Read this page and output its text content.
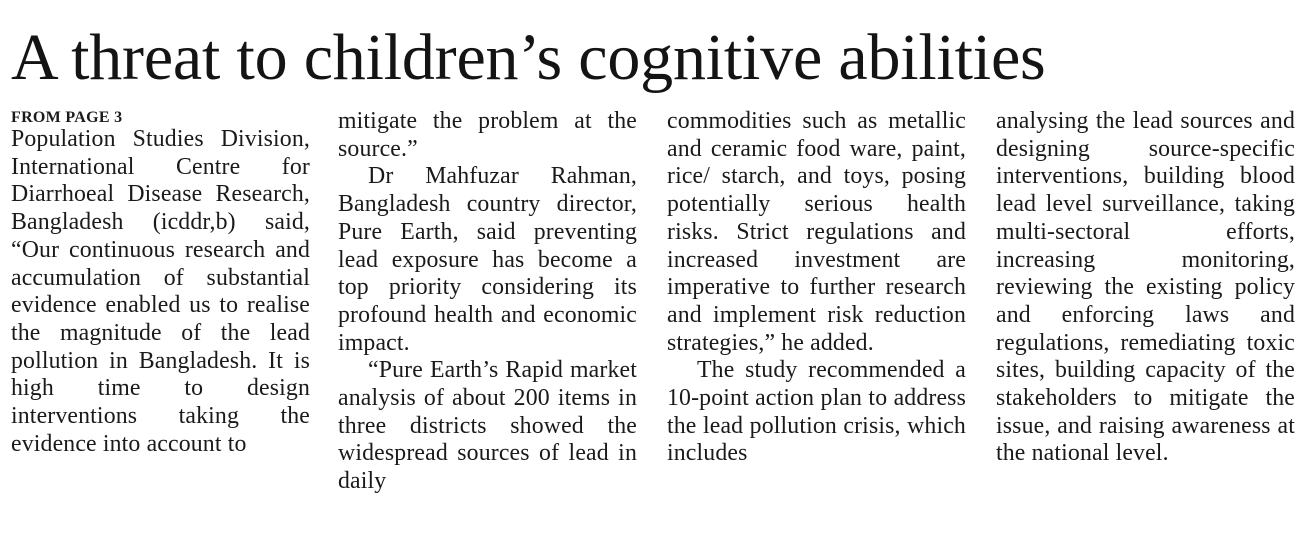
A threat to children’s cognitive abilities
FROM PAGE 3

Population Studies Division, International Centre for Diarrhoeal Disease Research, Bangladesh (icddr,b) said, “Our continuous research and accumulation of substantial evidence enabled us to realise the magnitude of the lead pollution in Bangladesh. It is high time to design interventions taking the evidence into account to

mitigate the problem at the source.”

Dr Mahfuzar Rahman, Bangladesh country director, Pure Earth, said preventing lead exposure has become a top priority considering its profound health and economic impact.

“Pure Earth’s Rapid market analysis of about 200 items in three districts showed the widespread sources of lead in daily

commodities such as metallic and ceramic food ware, paint, rice/ starch, and toys, posing potentially serious health risks. Strict regulations and increased investment are imperative to further research and implement risk reduction strategies,” he added.

The study recommended a 10-point action plan to address the lead pollution crisis, which includes

analysing the lead sources and designing source-specific interventions, building blood lead level surveillance, taking multi-sectoral efforts, increasing monitoring, reviewing the existing policy and enforcing laws and regulations, remediating toxic sites, building capacity of the stakeholders to mitigate the issue, and raising awareness at the national level.
